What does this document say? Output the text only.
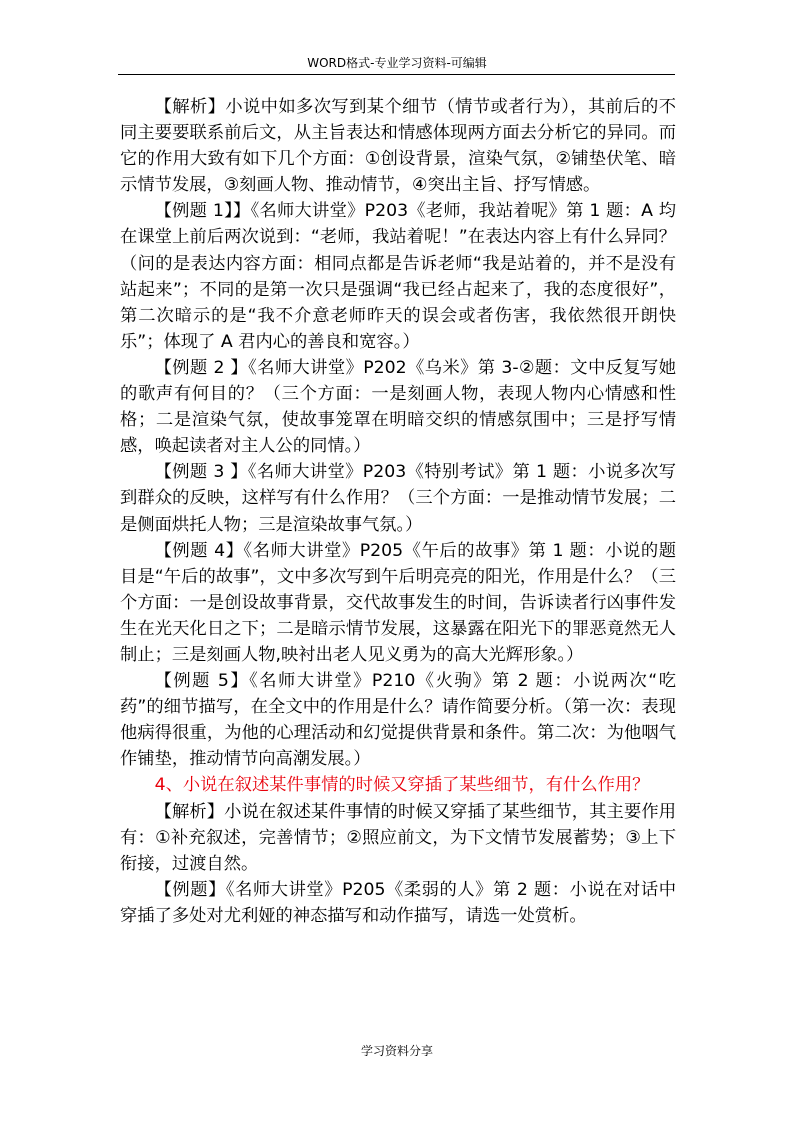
WORD格式-专业学习资料-可编辑

【解析】小说中如多次写到某个细节（情节或者行为），其前后的不同主要要联系前后文，从主旨表达和情感体现两方面去分析它的异同。而它的作用大致有如下几个方面：①创设背景，渲染气氛，②铺垫伏笔、暗示情节发展，③刻画人物、推动情节，④突出主旨、抒写情感。

【例题 1】】《名师大讲堂》P203《老师，我站着呢》第 1 题：A 均在课堂上前后两次说到：“老师，我站着呢！”在表达内容上有什么异同？（问的是表达内容方面：相同点都是告诉老师“我是站着的，并不是没有站起来”；不同的是第一次只是强调“我已经占起来了，我的态度很好”，第二次暗示的是“我不介意老师昨天的误会或者伤害，我依然很开朗快乐”；体现了 A 君内心的善良和宽容。）

【例题 2 】《名师大讲堂》P202《乌米》第 3-②题：文中反复写她的歌声有何目的？（三个方面：一是刻画人物，表现人物内心情感和性格；二是渲染气氛，使故事笼罩在明暗交织的情感氛围中；三是抒写情感，唤起读者对主人公的同情。）

【例题 3 】《名师大讲堂》P203《特别考试》第 1 题：小说多次写到群众的反映，这样写有什么作用？（三个方面：一是推动情节发展；二是侧面烘托人物；三是渲染故事气氛。）

【例题 4】《名师大讲堂》P205《午后的故事》第 1 题：小说的题目是“午后的故事”，文中多次写到午后明亮亮的阳光，作用是什么？（三个方面：一是创设故事背景，交代故事发生的时间，告诉读者行凶事件发生在光天化日之下；二是暗示情节发展，这暴露在阳光下的罪恶竟然无人制止；三是刻画人物,映衬出老人见义勇为的高大光辉形象。）

【例题 5】《名师大讲堂》P210《火驹》第 2 题：小说两次“吃药”的细节描写，在全文中的作用是什么？请作简要分析。（第一次：表现他病得很重，为他的心理活动和幻觉提供背景和条件。第二次：为他咽气作铺垫，推动情节向高潮发展。）

4、小说在叙述某件事情的时候又穿插了某些细节，有什么作用？

【解析】小说在叙述某件事情的时候又穿插了某些细节，其主要作用有：①补充叙述，完善情节；②照应前文，为下文情节发展蓄势；③上下衔接，过渡自然。

【例题】《名师大讲堂》P205《柔弱的人》第 2 题：小说在对话中穿插了多处对尤利娅的神态描写和动作描写，请选一处赏析。

学习资料分享
